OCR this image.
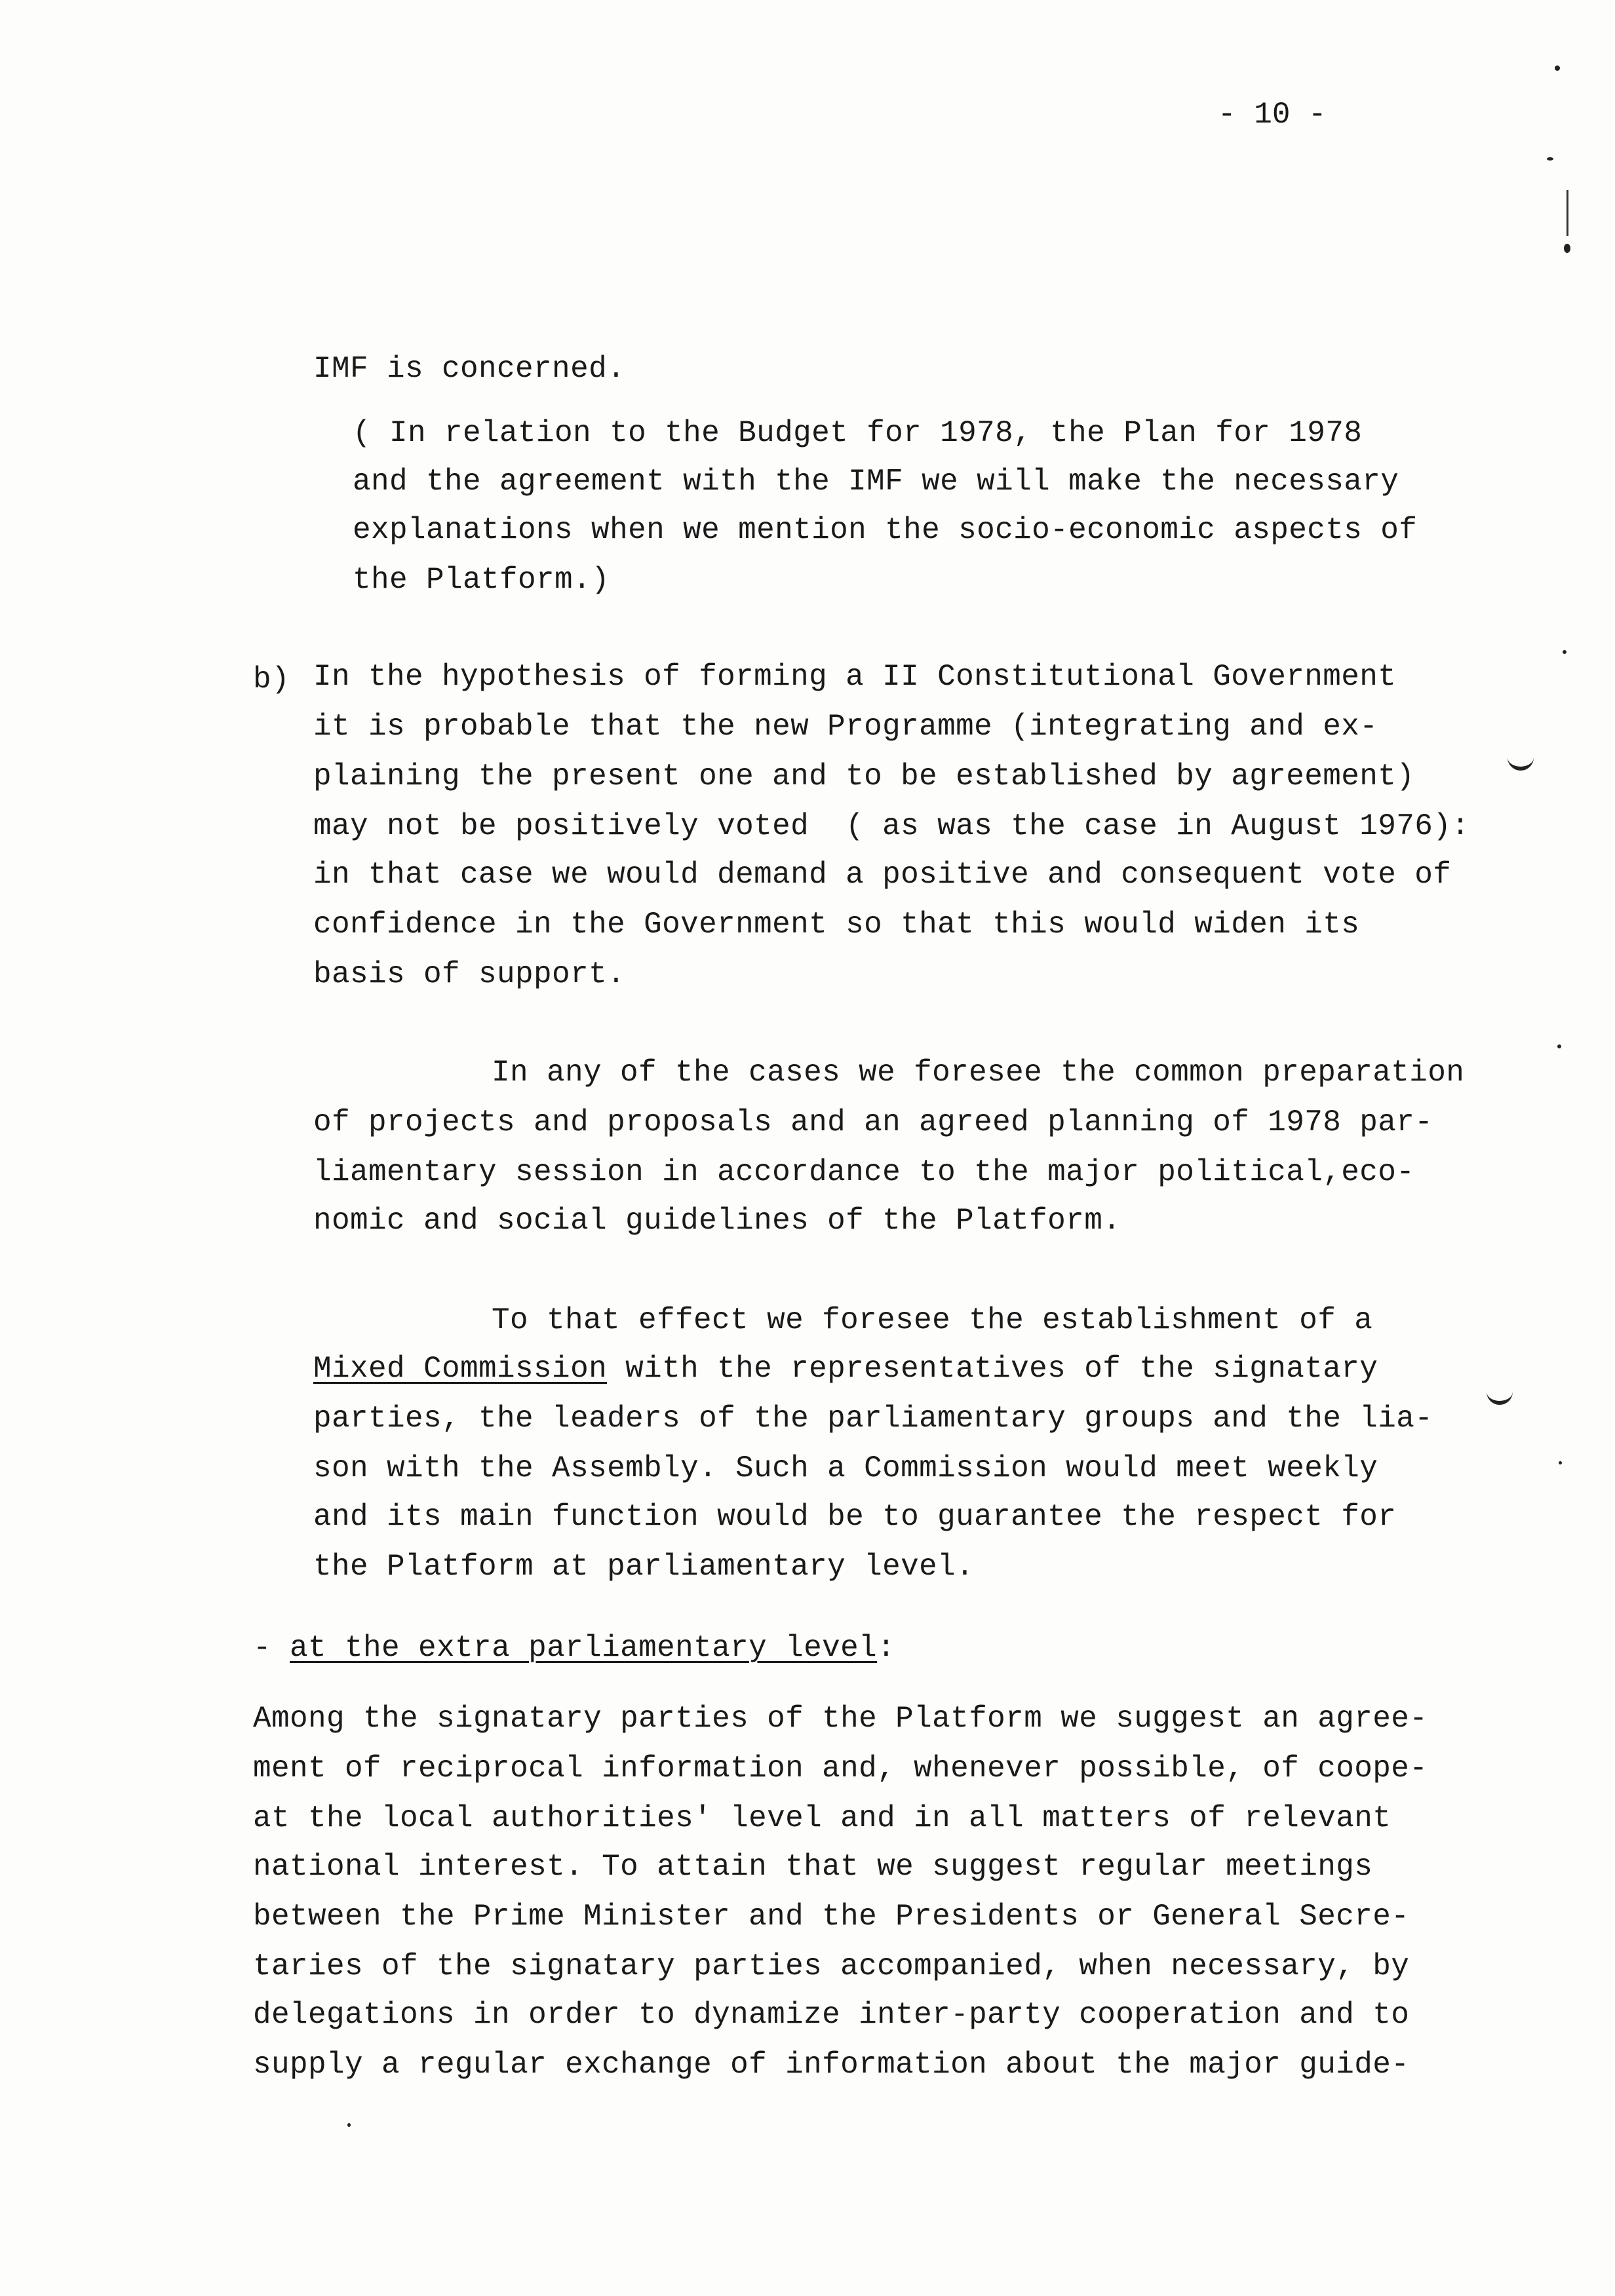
- 10 -
IMF is concerned.
( In relation to the Budget for 1978, the Plan for 1978
and the agreement with the IMF we will make the necessary
explanations when we mention the socio-economic aspects of
the Platform.)
b) In the hypothesis of forming a II Constitutional Government
it is probable that the new Programme (integrating and ex-
plaining the present one and to be established by agreement)
may not be positively voted  ( as was the case in August 1976):
in that case we would demand a positive and consequent vote of
confidence in the Government so that this would widen its
basis of support.
In any of the cases we foresee the common preparation
of projects and proposals and an agreed planning of 1978 par-
liamentary session in accordance to the major political,eco-
nomic and social guidelines of the Platform.
To that effect we foresee the establishment of a
Mixed Commission with the representatives of the signatary
parties, the leaders of the parliamentary groups and the lia-
son with the Assembly. Such a Commission would meet weekly
and its main function would be to guarantee the respect for
the Platform at parliamentary level.
- at the extra parliamentary level:
Among the signatary parties of the Platform we suggest an agree-
ment of reciprocal information and, whenever possible, of coope-
at the local authorities' level and in all matters of relevant
national interest. To attain that we suggest regular meetings
between the Prime Minister and the Presidents or General Secre-
taries of the signatary parties accompanied, when necessary, by
delegations in order to dynamize inter-party cooperation and to
supply a regular exchange of information about the major guide-
